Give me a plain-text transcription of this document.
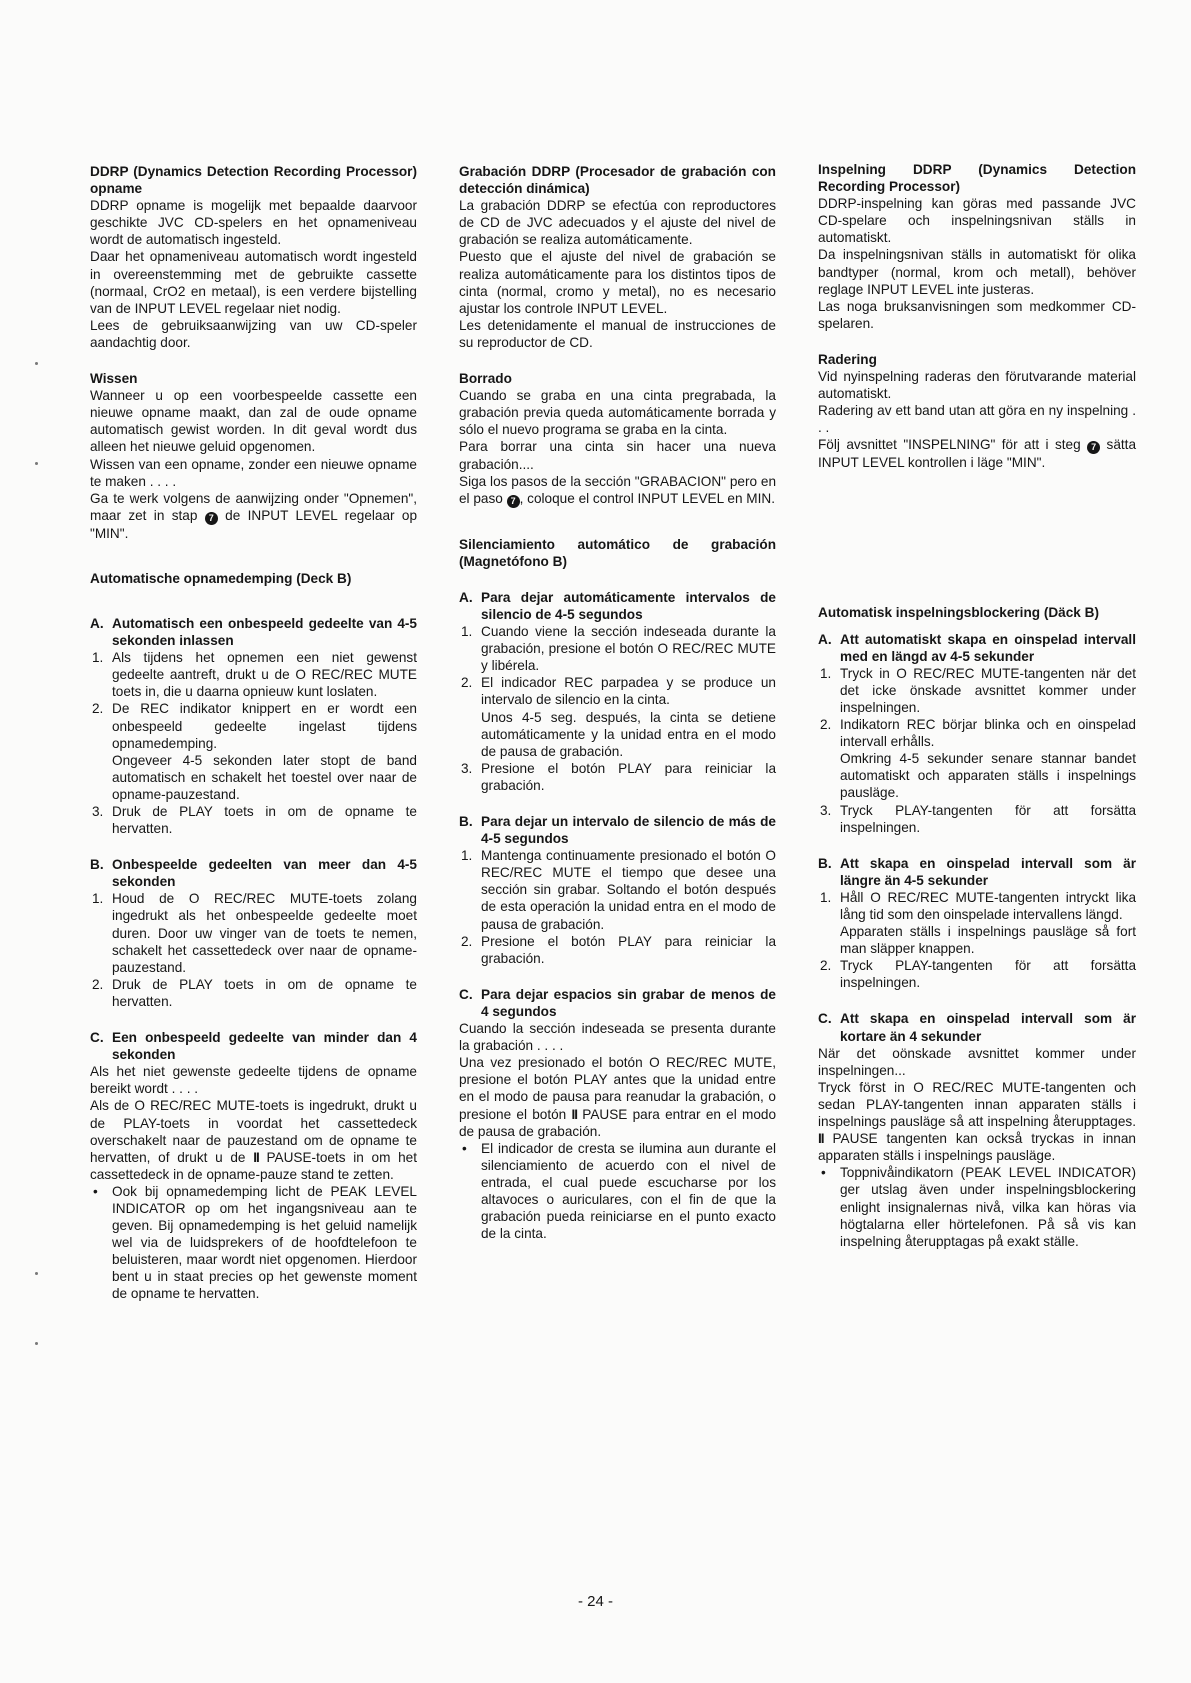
DDRP (Dynamics Detection Recording Processor) opname

DDRP opname is mogelijk met bepaalde daarvoor geschikte JVC CD-spelers en het opnameniveau wordt de automatisch ingesteld.

Daar het opnameniveau automatisch wordt ingesteld in overeenstemming met de gebruikte cassette (normaal, CrO2 en metaal), is een verdere bijstelling van de INPUT LEVEL regelaar niet nodig.

Lees de gebruiksaanwijzing van uw CD-speler aandachtig door.

Wissen

Wanneer u op een voorbespeelde cassette een nieuwe opname maakt, dan zal de oude opname automatisch gewist worden. In dit geval wordt dus alleen het nieuwe geluid opgenomen.

Wissen van een opname, zonder een nieuwe opname te maken . . . .

Ga te werk volgens de aanwijzing onder "Opnemen", maar zet in stap 7 de INPUT LEVEL regelaar op "MIN".

Automatische opnamedemping (Deck B)

A. Automatisch een onbespeeld gedeelte van 4-5 sekonden inlassen
1. Als tijdens het opnemen een niet gewenst gedeelte aantreft, drukt u de O REC/REC MUTE toets in, die u daarna opnieuw kunt loslaten.
2. De REC indikator knippert en er wordt een onbespeeld gedeelte ingelast tijdens opnamedemping.
Ongeveer 4-5 sekonden later stopt de band automatisch en schakelt het toestel over naar de opname-pauzestand.
3. Druk de PLAY toets in om de opname te hervatten.
B. Onbespeelde gedeelten van meer dan 4-5 sekonden
1. Houd de O REC/REC MUTE-toets zolang ingedrukt als het onbespeelde gedeelte moet duren. Door uw vinger van de toets te nemen, schakelt het cassettedeck over naar de opname-pauzestand.
2. Druk de PLAY toets in om de opname te hervatten.
C. Een onbespeeld gedeelte van minder dan 4 sekonden

Als het niet gewenste gedeelte tijdens de opname bereikt wordt . . . .

Als de O REC/REC MUTE-toets is ingedrukt, drukt u de PLAY-toets in voordat het cassettedeck overschakelt naar de pauzestand om de opname te hervatten, of drukt u de II PAUSE-toets in om het cassettedeck in de opname-pauze stand te zetten.

• Ook bij opnamedemping licht de PEAK LEVEL INDICATOR op om het ingangsniveau aan te geven. Bij opnamedemping is het geluid namelijk wel via de luidsprekers of de hoofdtelefoon te beluisteren, maar wordt niet opgenomen. Hierdoor bent u in staat precies op het gewenste moment de opname te hervatten.

Grabación DDRP (Procesador de grabación con detección dinámica)

La grabación DDRP se efectúa con reproductores de CD de JVC adecuados y el ajuste del nivel de grabación se realiza automáticamente.

Puesto que el ajuste del nivel de grabación se realiza automáticamente para los distintos tipos de cinta (normal, cromo y metal), no es necesario ajustar los controle INPUT LEVEL.

Les detenidamente el manual de instrucciones de su reproductor de CD.

Borrado

Cuando se graba en una cinta pregrabada, la grabación previa queda automáticamente borrada y sólo el nuevo programa se graba en la cinta.

Para borrar una cinta sin hacer una nueva grabación....

Siga los pasos de la sección "GRABACION" pero en el paso 7 , coloque el control INPUT LEVEL en MIN.

Silenciamiento automático de grabación (Magnetófono B)

A. Para dejar automáticamente intervalos de silencio de 4-5 segundos
1. Cuando viene la sección indeseada durante la grabación, presione el botón O REC/REC MUTE y libérela.
2. El indicador REC parpadea y se produce un intervalo de silencio en la cinta.
Unos 4-5 seg. después, la cinta se detiene automáticamente y la unidad entra en el modo de pausa de grabación.
3. Presione el botón PLAY para reiniciar la grabación.
B. Para dejar un intervalo de silencio de más de 4-5 segundos
1. Mantenga continuamente presionado el botón O REC/REC MUTE el tiempo que desee una sección sin grabar. Soltando el botón después de esta operación la unidad entra en el modo de pausa de grabación.
2. Presione el botón PLAY para reiniciar la grabación.
C. Para dejar espacios sin grabar de menos de 4 segundos

Cuando la sección indeseada se presenta durante la grabación . . . .

Una vez presionado el botón O REC/REC MUTE, presione el botón PLAY antes que la unidad entre en el modo de pausa para reanudar la grabación, o presione el botón II PAUSE para entrar en el modo de pausa de grabación.

• El indicador de cresta se ilumina aun durante el silenciamiento de acuerdo con el nivel de entrada, el cual puede escucharse por los altavoces o auriculares, con el fin de que la grabación pueda reiniciarse en el punto exacto de la cinta.

Inspelning DDRP (Dynamics Detection Recording Processor)

DDRP-inspelning kan göras med passande JVC CD-spelare och inspelningsnivan ställs in automatiskt.

Da inspelningsnivan ställs in automatiskt för olika bandtyper (normal, krom och metall), behöver reglage INPUT LEVEL inte justeras.

Las noga bruksanvisningen som medkommer CD-spelaren.

Radering

Vid nyinspelning raderas den förutvarande material automatiskt.

Radering av ett band utan att göra en ny inspelning . . .

Följ avsnittet "INSPELNING" för att i steg 7 sätta INPUT LEVEL kontrollen i läge "MIN".

Automatisk inspelningsblockering (Däck B)

A. Att automatiskt skapa en oinspelad intervall med en längd av 4-5 sekunder
1. Tryck in O REC/REC MUTE-tangenten när det det icke önskade avsnittet kommer under inspelningen.
2. Indikatorn REC börjar blinka och en oinspelad intervall erhålls.
Omkring 4-5 sekunder senare stannar bandet automatiskt och apparaten ställs i inspelnings pausläge.
3. Tryck PLAY-tangenten för att forsätta inspelningen.
B. Att skapa en oinspelad intervall som är längre än 4-5 sekunder
1. Håll O REC/REC MUTE-tangenten intryckt lika lång tid som den oinspelade intervallens längd.
Apparaten ställs i inspelnings pausläge så fort man släpper knappen.
2. Tryck PLAY-tangenten för att forsätta inspelningen.
C. Att skapa en oinspelad intervall som är kortare än 4 sekunder

När det oönskade avsnittet kommer under inspelningen...

Tryck först in O REC/REC MUTE-tangenten och sedan PLAY-tangenten innan apparaten ställs i inspelnings pausläge så att inspelning återupptages. II PAUSE tangenten kan också tryckas in innan apparaten ställs i inspelnings pausläge.

• Toppnivåindikatorn (PEAK LEVEL INDICATOR) ger utslag även under inspelningsblockering enlight insignalernas nivå, vilka kan höras via högtalarna eller hörtelefonen. På så vis kan inspelning återupptagas på exakt ställe.
- 24 -
